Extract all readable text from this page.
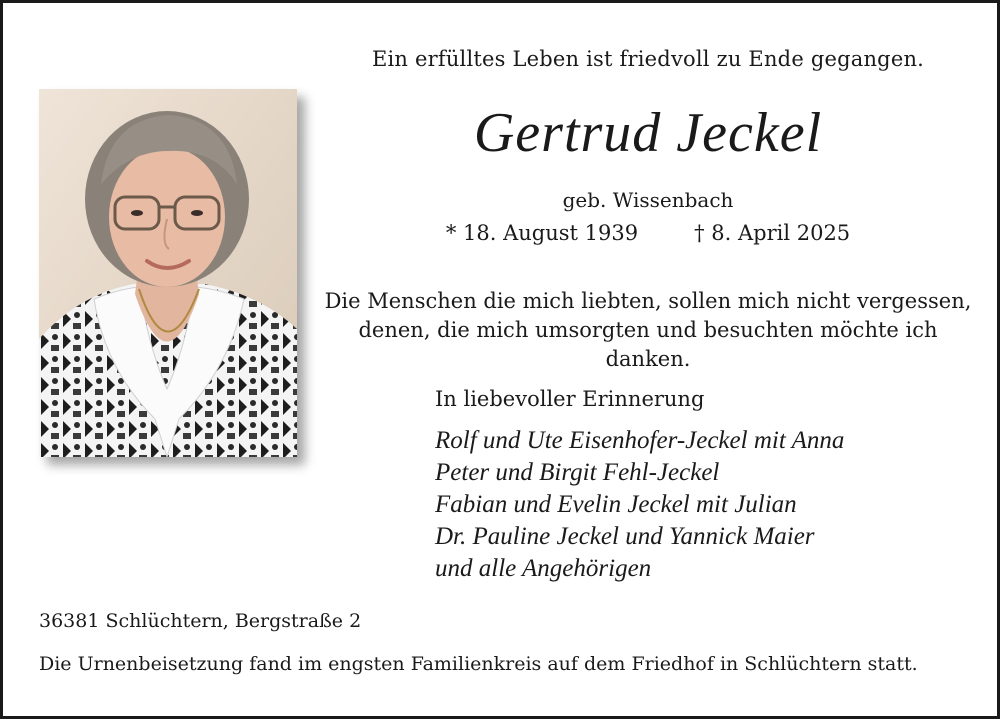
Ein erfülltes Leben ist friedvoll zu Ende gegangen.
Gertrud Jeckel
geb. Wissenbach
* 18. August 1939	† 8. April 2025
Die Menschen die mich liebten, sollen mich nicht vergessen,
denen, die mich umsorgten und besuchten möchte ich danken.
In liebevoller Erinnerung
Rolf und Ute Eisenhofer-Jeckel mit Anna
Peter und Birgit Fehl-Jeckel
Fabian und Evelin Jeckel mit Julian
Dr. Pauline Jeckel und Yannick Maier
und alle Angehörigen
36381 Schlüchtern, Bergstraße 2
Die Urnenbeisetzung fand im engsten Familienkreis auf dem Friedhof in Schlüchtern statt.
